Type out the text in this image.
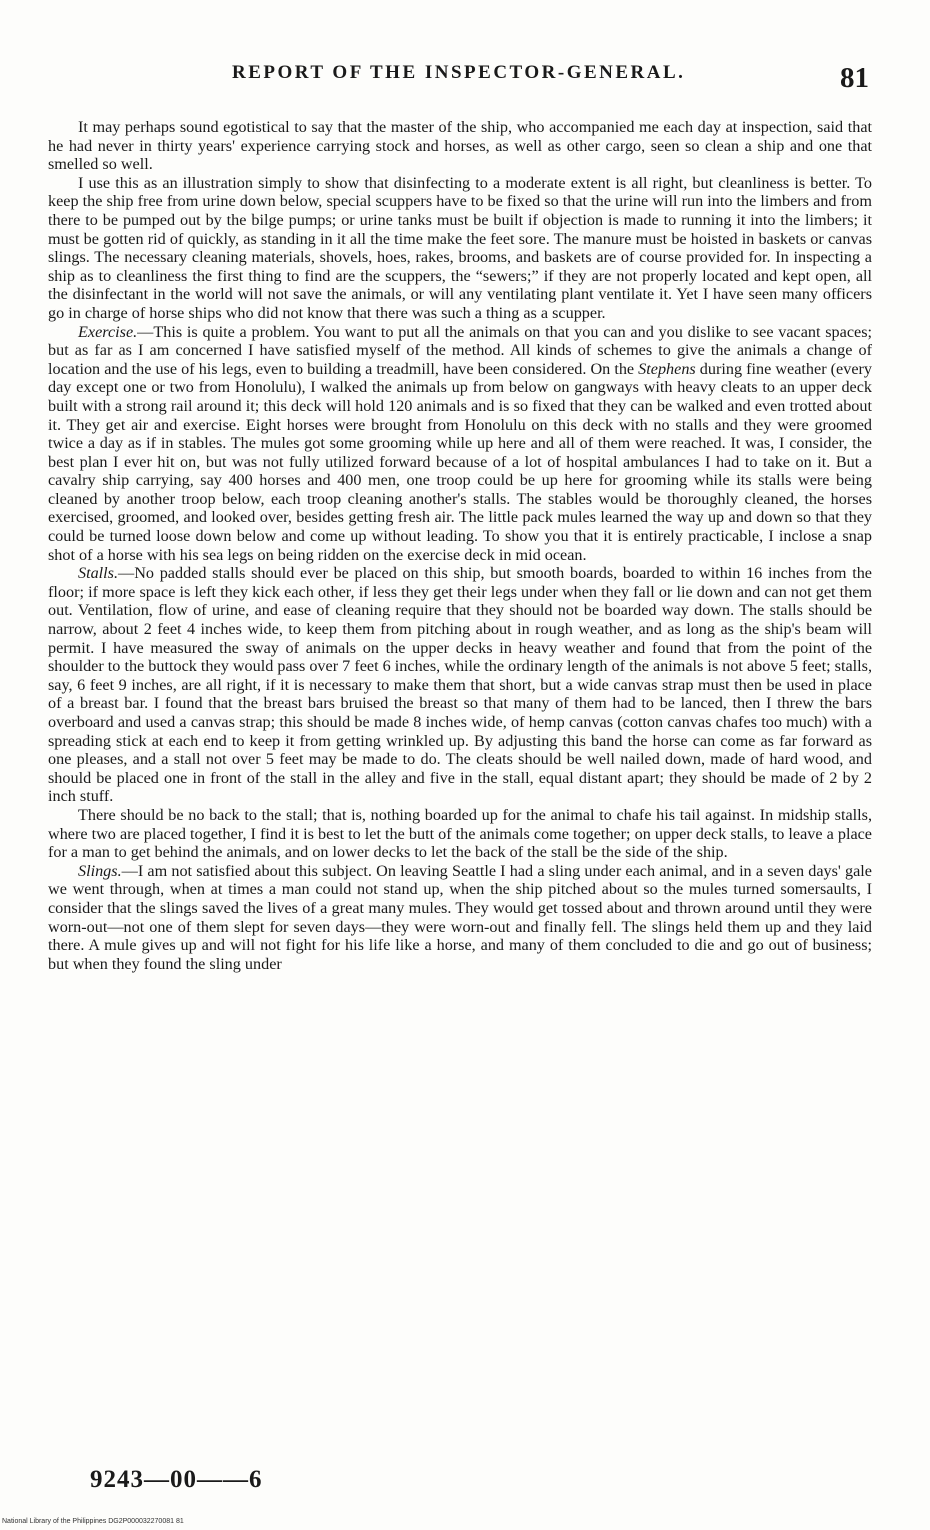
REPORT OF THE INSPECTOR-GENERAL.	81

It may perhaps sound egotistical to say that the master of the ship, who accompanied me each day at inspection, said that he had never in thirty years' experience carrying stock and horses, as well as other cargo, seen so clean a ship and one that smelled so well.

I use this as an illustration simply to show that disinfecting to a moderate extent is all right, but cleanliness is better. To keep the ship free from urine down below, special scuppers have to be fixed so that the urine will run into the limbers and from there to be pumped out by the bilge pumps; or urine tanks must be built if objection is made to running it into the limbers; it must be gotten rid of quickly, as standing in it all the time make the feet sore. The manure must be hoisted in baskets or canvas slings. The necessary cleaning materials, shovels, hoes, rakes, brooms, and baskets are of course provided for. In inspecting a ship as to cleanliness the first thing to find are the scuppers, the “sewers;” if they are not properly located and kept open, all the disinfectant in the world will not save the animals, or will any ventilating plant ventilate it. Yet I have seen many officers go in charge of horse ships who did not know that there was such a thing as a scupper.

Exercise.—This is quite a problem. You want to put all the animals on that you can and you dislike to see vacant spaces; but as far as I am concerned I have satisfied myself of the method. All kinds of schemes to give the animals a change of location and the use of his legs, even to building a treadmill, have been considered. On the Stephens during fine weather (every day except one or two from Honolulu), I walked the animals up from below on gangways with heavy cleats to an upper deck built with a strong rail around it; this deck will hold 120 animals and is so fixed that they can be walked and even trotted about it. They get air and exercise. Eight horses were brought from Honolulu on this deck with no stalls and they were groomed twice a day as if in stables. The mules got some grooming while up here and all of them were reached. It was, I consider, the best plan I ever hit on, but was not fully utilized forward because of a lot of hospital ambulances I had to take on it. But a cavalry ship carrying, say 400 horses and 400 men, one troop could be up here for grooming while its stalls were being cleaned by another troop below, each troop cleaning another's stalls. The stables would be thoroughly cleaned, the horses exercised, groomed, and looked over, besides getting fresh air. The little pack mules learned the way up and down so that they could be turned loose down below and come up without leading. To show you that it is entirely practicable, I inclose a snap shot of a horse with his sea legs on being ridden on the exercise deck in mid ocean.

Stalls.—No padded stalls should ever be placed on this ship, but smooth boards, boarded to within 16 inches from the floor; if more space is left they kick each other, if less they get their legs under when they fall or lie down and can not get them out. Ventilation, flow of urine, and ease of cleaning require that they should not be boarded way down. The stalls should be narrow, about 2 feet 4 inches wide, to keep them from pitching about in rough weather, and as long as the ship's beam will permit. I have measured the sway of animals on the upper decks in heavy weather and found that from the point of the shoulder to the buttock they would pass over 7 feet 6 inches, while the ordinary length of the animals is not above 5 feet; stalls, say, 6 feet 9 inches, are all right, if it is necessary to make them that short, but a wide canvas strap must then be used in place of a breast bar. I found that the breast bars bruised the breast so that many of them had to be lanced, then I threw the bars overboard and used a canvas strap; this should be made 8 inches wide, of hemp canvas (cotton canvas chafes too much) with a spreading stick at each end to keep it from getting wrinkled up. By adjusting this band the horse can come as far forward as one pleases, and a stall not over 5 feet may be made to do. The cleats should be well nailed down, made of hard wood, and should be placed one in front of the stall in the alley and five in the stall, equal distant apart; they should be made of 2 by 2 inch stuff.

There should be no back to the stall; that is, nothing boarded up for the animal to chafe his tail against. In midship stalls, where two are placed together, I find it is best to let the butt of the animals come together; on upper deck stalls, to leave a place for a man to get behind the animals, and on lower decks to let the back of the stall be the side of the ship.

Slings.—I am not satisfied about this subject. On leaving Seattle I had a sling under each animal, and in a seven days' gale we went through, when at times a man could not stand up, when the ship pitched about so the mules turned somersaults, I consider that the slings saved the lives of a great many mules. They would get tossed about and thrown around until they were worn-out—not one of them slept for seven days—they were worn-out and finally fell. The slings held them up and they laid there. A mule gives up and will not fight for his life like a horse, and many of them concluded to die and go out of business; but when they found the sling under

9243—00——6
National Library of the Philippines DG2P000032270081 81
